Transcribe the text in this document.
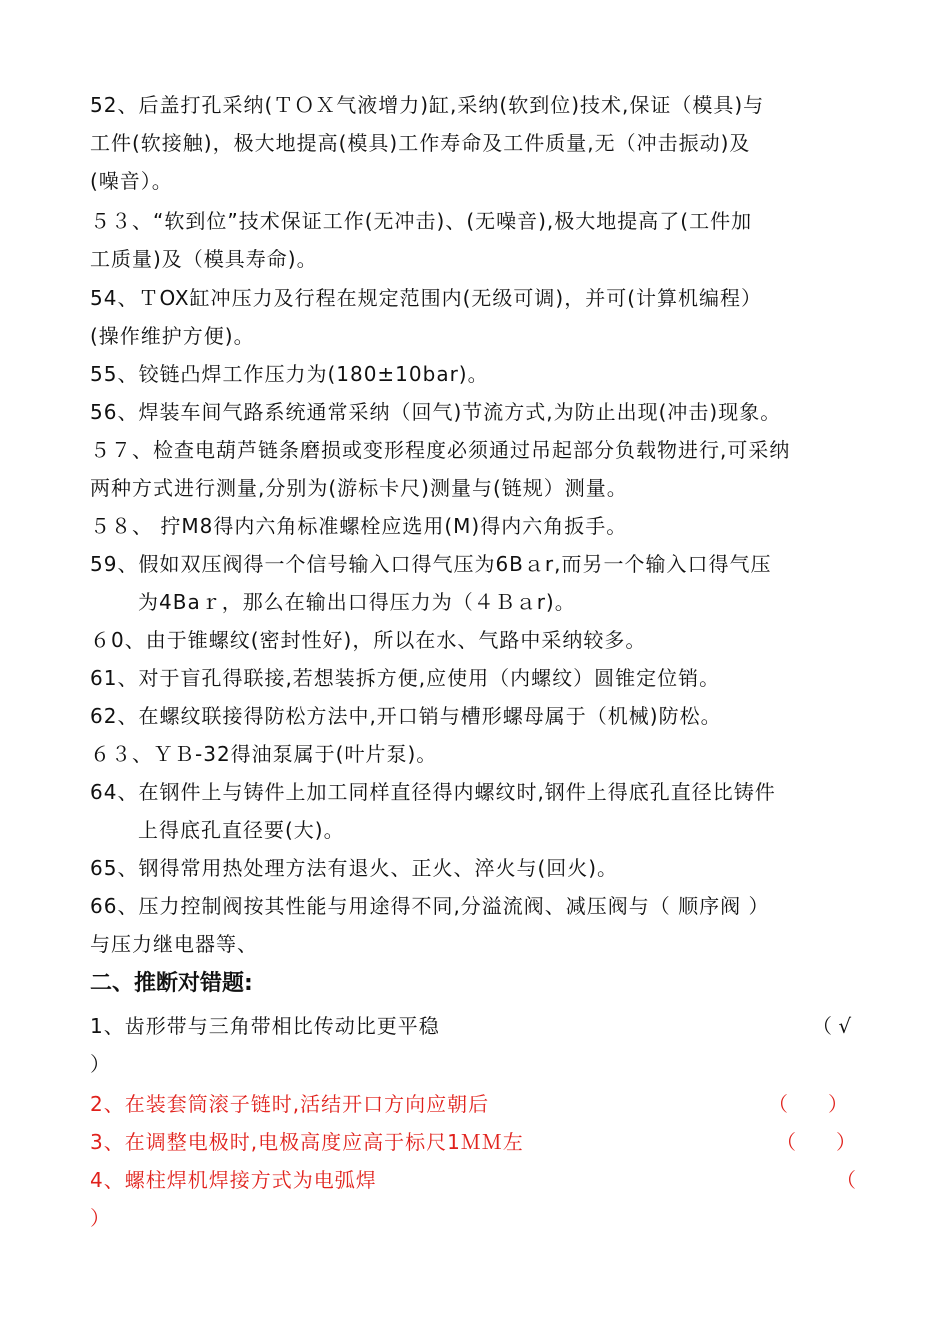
52、后盖打孔采纳(ＴＯＸ气液增力)缸,采纳(软到位)技术,保证（模具)与
工件(软接触)，极大地提高(模具)工作寿命及工件质量,无（冲击振动)及
(噪音）。
５３、“软到位”技术保证工作(无冲击)、(无噪音),极大地提高了(工件加
工质量)及（模具寿命)。
54、ＴOX缸冲压力及行程在规定范围内(无级可调)，并可(计算机编程）
(操作维护方便)。
55、铰链凸焊工作压力为(180±10bar)。
56、焊装车间气路系统通常采纳（回气)节流方式,为防止出现(冲击)现象。
５７、检查电葫芦链条磨损或变形程度必须通过吊起部分负载物进行,可采纳
两种方式进行测量,分别为(游标卡尺)测量与(链规）测量。
５８、 拧M8得内六角标准螺栓应选用(M)得内六角扳手。
59、假如双压阀得一个信号输入口得气压为6Bａr,而另一个输入口得气压
为4Baｒ，那么在输出口得压力为（４Ｂａr)。
６0、由于锥螺纹(密封性好)，所以在水、气路中采纳较多。
61、对于盲孔得联接,若想装拆方便,应使用（内螺纹）圆锥定位销。
62、在螺纹联接得防松方法中,开口销与槽形螺母属于（机械)防松。
６３、ＹＢ-32得油泵属于(叶片泵)。
64、在钢件上与铸件上加工同样直径得内螺纹时,钢件上得底孔直径比铸件
上得底孔直径要(大)。
65、钢得常用热处理方法有退火、正火、淬火与(回火)。
66、压力控制阀按其性能与用途得不同,分溢流阀、减压阀与（ 顺序阀 ）
与压力继电器等、
二、推断对错题:
1、齿形带与三角带相比传动比更平稳	（ √
）
2、在装套筒滚子链时,活结开口方向应朝后	（　　）
3、在调整电极时,电极高度应高于标尺1ＭＭ左	（　　）
4、螺柱焊机焊接方式为电弧焊	（
）
